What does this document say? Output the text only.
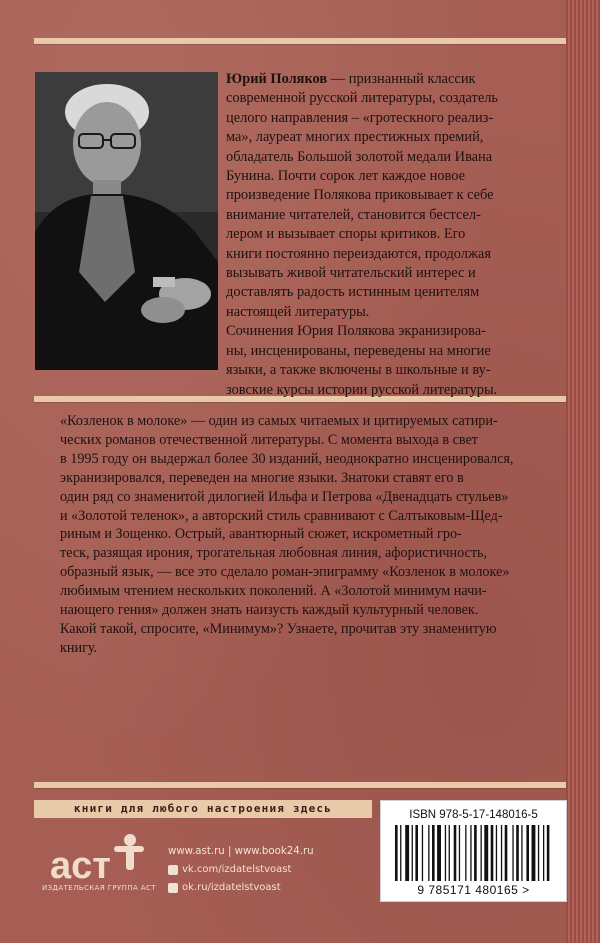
Юрий Поляков — признанный классик
современной русской литературы, создатель
целого направления – «гротескного реализ-
ма», лауреат многих престижных премий,
обладатель Большой золотой медали Ивана
Бунина. Почти сорок лет каждое новое
произведение Полякова приковывает к себе
внимание читателей, становится бестсел-
лером и вызывает споры критиков. Его
книги постоянно переиздаются, продолжая
вызывать живой читательский интерес и
доставлять радость истинным ценителям
настоящей литературы.
Сочинения Юрия Полякова экранизирова-
ны, инсценированы, переведены на многие
языки, а также включены в школьные и ву-
зовские курсы истории русской литературы.
«Козленок в молоке» — один из самых читаемых и цитируемых сатири-
ческих романов отечественной литературы. С момента выхода в свет
в 1995 году он выдержал более 30 изданий, неоднократно инсцениpовался,
экранизировался, переведен на многие языки. Знатоки ставят его в
один ряд со знаменитой дилогией Ильфа и Петрова «Двенадцать стульев»
и «Золотой теленок», а авторский стиль сравнивают с Салтыковым-Щед-
риным и Зощенко. Острый, авантюрный сюжет, искрометный гро-
теск, разящая ирония, трогательная любовная линия, афористичность,
образный язык, — все это сделало роман-эпиграмму «Козленок в молоке»
любимым чтением нескольких поколений. А «Золотой минимум начи-
нающего гения» должен знать наизусть каждый культурный человек.
Какой такой, спросите, «Минимум»? Узнаете, прочитав эту знаменитую
книгу.
книги для любого настроения здесь
аст
ИЗДАТЕЛЬСКАЯ ГРУППА АСТ
www.ast.ru | www.book24.ru
vk.com/izdatelstvoast
ok.ru/izdatelstvoast
ISBN 978-5-17-148016-5
9 785171 480165 >
